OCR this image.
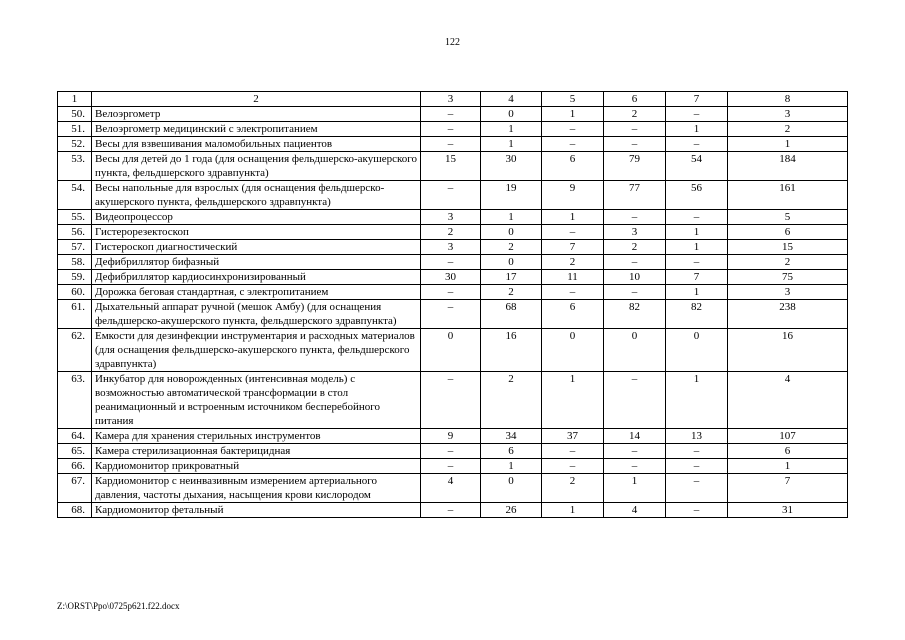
122
1	2	3	4	5	6	7	8
50.	Велоэргометр	–	0	1	2	–	3
51.	Велоэргометр медицинский с электропитанием	–	1	–	–	1	2
52.	Весы для взвешивания маломобильных пациентов	–	1	–	–	–	1
53.	Весы для детей до 1 года (для оснащения фельдшерско-акушерского пункта, фельдшерского здравпункта)	15	30	6	79	54	184
54.	Весы напольные для взрослых (для оснащения фельдшерско-акушерского пункта, фельдшерского здравпункта)	–	19	9	77	56	161
55.	Видеопроцессор	3	1	1	–	–	5
56.	Гистерорезектоскоп	2	0	–	3	1	6
57.	Гистероскоп диагностический	3	2	7	2	1	15
58.	Дефибриллятор бифазный	–	0	2	–	–	2
59.	Дефибриллятор кардиосинхронизированный	30	17	11	10	7	75
60.	Дорожка беговая стандартная, с электропитанием	–	2	–	–	1	3
61.	Дыхательный аппарат ручной (мешок Амбу) (для оснащения фельдшерско-акушерского пункта, фельдшерского здравпункта)	–	68	6	82	82	238
62.	Емкости для дезинфекции инструментария и расходных материалов (для оснащения фельдшерско-акушерского пункта, фельдшерского здравпункта)	0	16	0	0	0	16
63.	Инкубатор для новорожденных (интенсивная модель) с возможностью автоматической трансформации в стол реанимационный и встроенным источником бесперебойного питания	–	2	1	–	1	4
64.	Камера для хранения стерильных инструментов	9	34	37	14	13	107
65.	Камера стерилизационная бактерицидная	–	6	–	–	–	6
66.	Кардиомонитор прикроватный	–	1	–	–	–	1
67.	Кардиомонитор с неинвазивным измерением артериального давления, частоты дыхания, насыщения крови кислородом	4	0	2	1	–	7
68.	Кардиомонитор фетальный	–	26	1	4	–	31
Z:\ORST\Ppo\0725p621.f22.docx
